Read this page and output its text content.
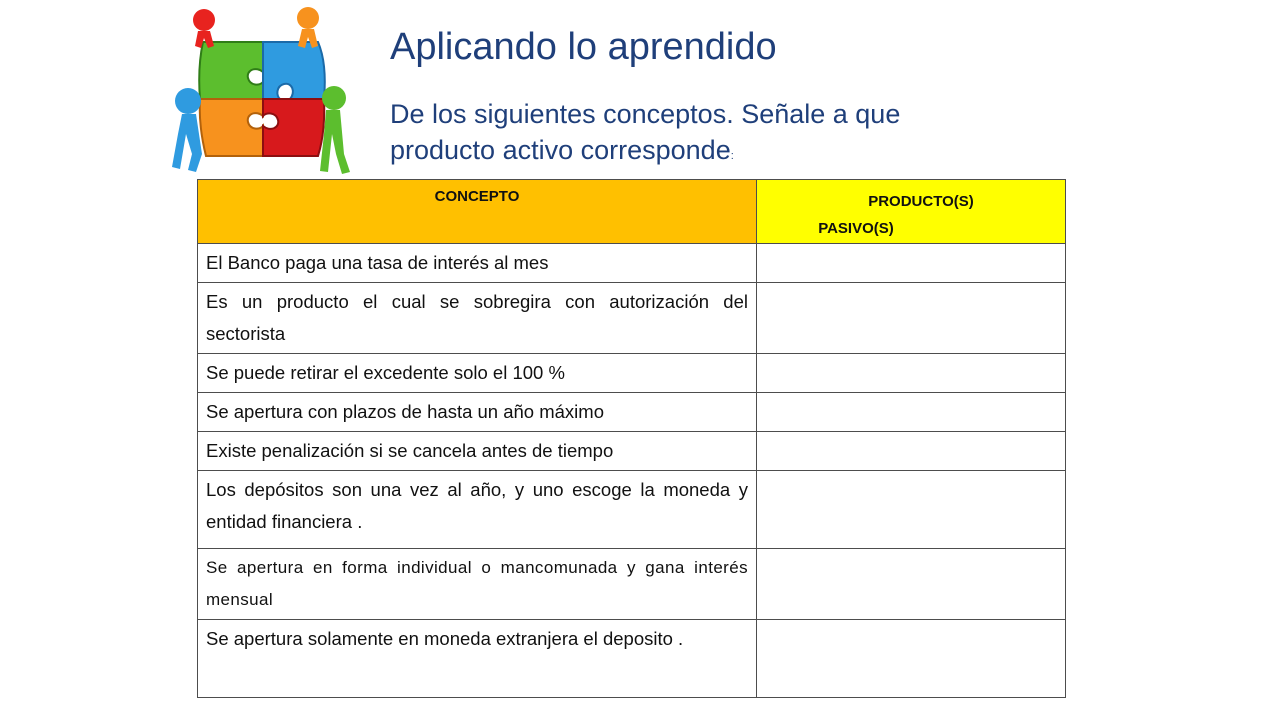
Aplicando lo aprendido
De los siguientes conceptos. Señale a que producto activo corresponde:
CONCEPTO	PRODUCTO(S)
PASIVO(S)

El Banco paga una tasa de interés al mes	
Es un producto el cual se sobregira con autorización del sectorista	
Se puede retirar el excedente solo el 100 %	
Se apertura con plazos de hasta un año máximo	
Existe penalización si se cancela antes de tiempo	
Los depósitos son una vez al año, y uno escoge la moneda y entidad financiera .	
Se apertura en forma individual o mancomunada y gana interés mensual	
Se apertura solamente en moneda extranjera el deposito .	
